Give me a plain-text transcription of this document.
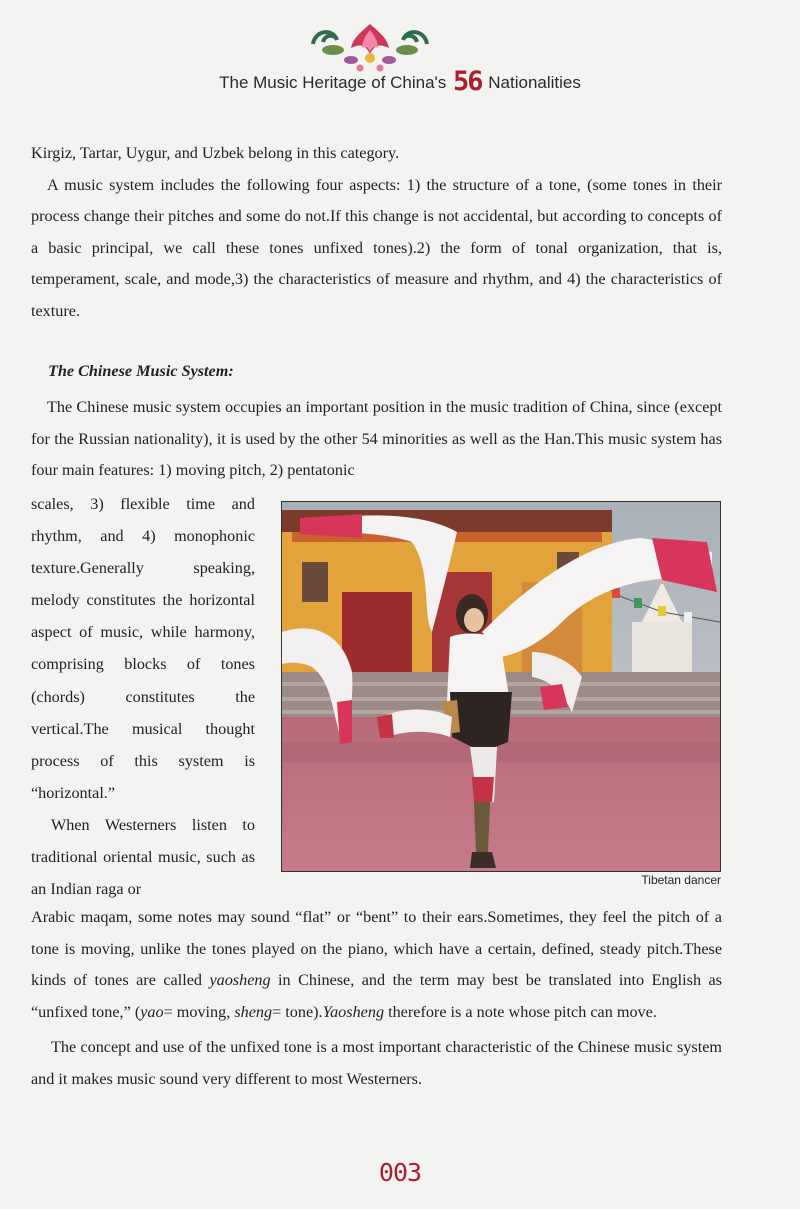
The Music Heritage of China's 56 Nationalities

Kirgiz, Tartar, Uygur, and Uzbek belong in this category.

A music system includes the following four aspects: 1) the structure of a tone, (some tones in their process change their pitches and some do not.If this change is not accidental, but according to concepts of a basic principal, we call these tones unfixed tones).2) the form of tonal organization, that is, temperament, scale, and mode,3) the characteristics of measure and rhythm, and 4) the characteristics of texture.

The Chinese Music System:

The Chinese music system occupies an important position in the music tradition of China, since (except for the Russian nationality), it is used by the other 54 minorities as well as the Han.This music system has four main features: 1) moving pitch, 2) pentatonic

scales, 3) flexible time and rhythm, and 4) monophonic texture.Generally speaking, melody constitutes the horizontal aspect of music, while harmony, comprising blocks of tones (chords) constitutes the vertical.The musical thought process of this system is “horizontal.”

When Westerners listen to traditional oriental music, such as an Indian raga or

Tibetan dancer

Arabic maqam, some notes may sound “flat” or “bent” to their ears.Sometimes, they feel the pitch of a tone is moving, unlike the tones played on the piano, which have a certain, defined, steady pitch.These kinds of tones are called yaosheng in Chinese, and the term may best be translated into English as “unfixed tone,” (yao= moving, sheng= tone).Yaosheng therefore is a note whose pitch can move.

The concept and use of the unfixed tone is a most important characteristic of the Chinese music system and it makes music sound very different to most Westerners.

003
